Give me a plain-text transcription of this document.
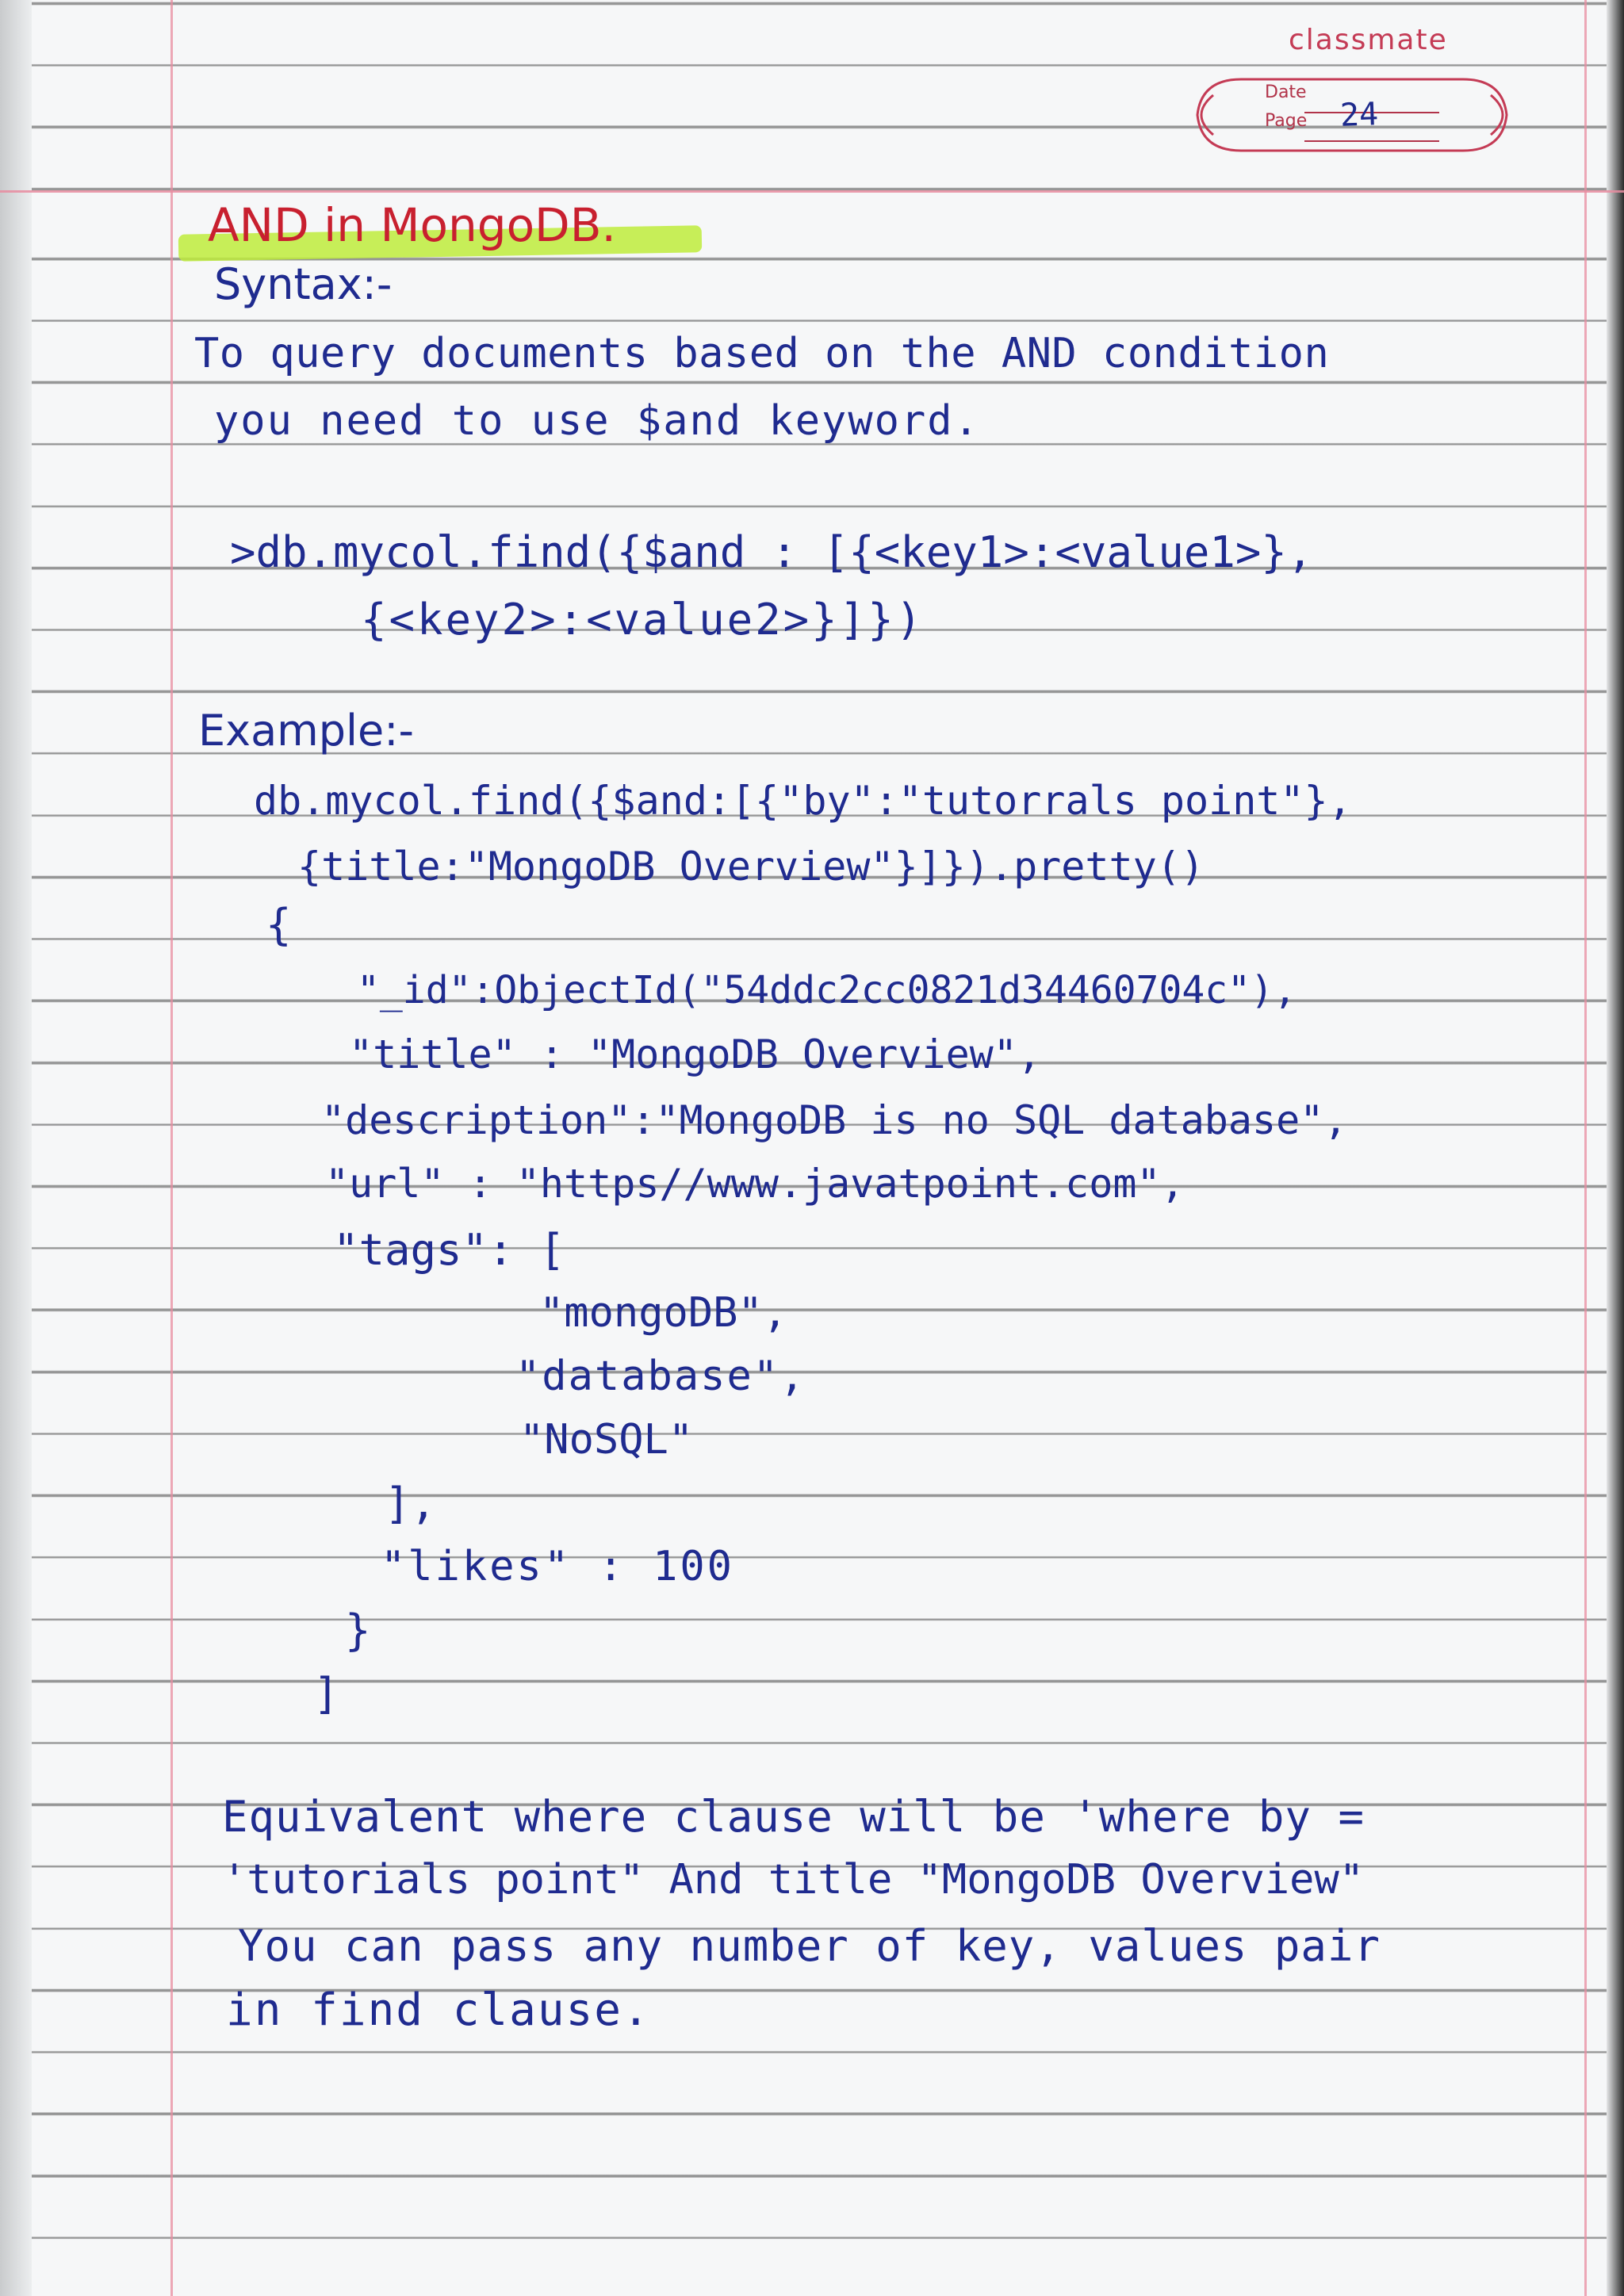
classmate
Date
Page 24
AND in MongoDB.
Syntax:-
To query documents based on the AND condition
you need to use $and keyword.
>db.mycol.find({$and : [{<key1>:<value1>},
{<key2>:<value2>}]})
Example:-
db.mycol.find({$and:[{"by":"tutorrals point"},
{title:"MongoDB Overview"}]}).pretty()
{
"_id":ObjectId("54ddc2cc0821d34460704c"),
"title" : "MongoDB Overview",
"description":"MongoDB is no SQL database",
"url" : "https//www.javatpoint.com",
"tags": [
"mongoDB",
"database",
"NoSQL"
],
"likes" : 100
}
]
Equivalent where clause will be 'where by =
'tutorials point" And title "MongoDB Overview"
You can pass any number of key, values pair
in find clause.
